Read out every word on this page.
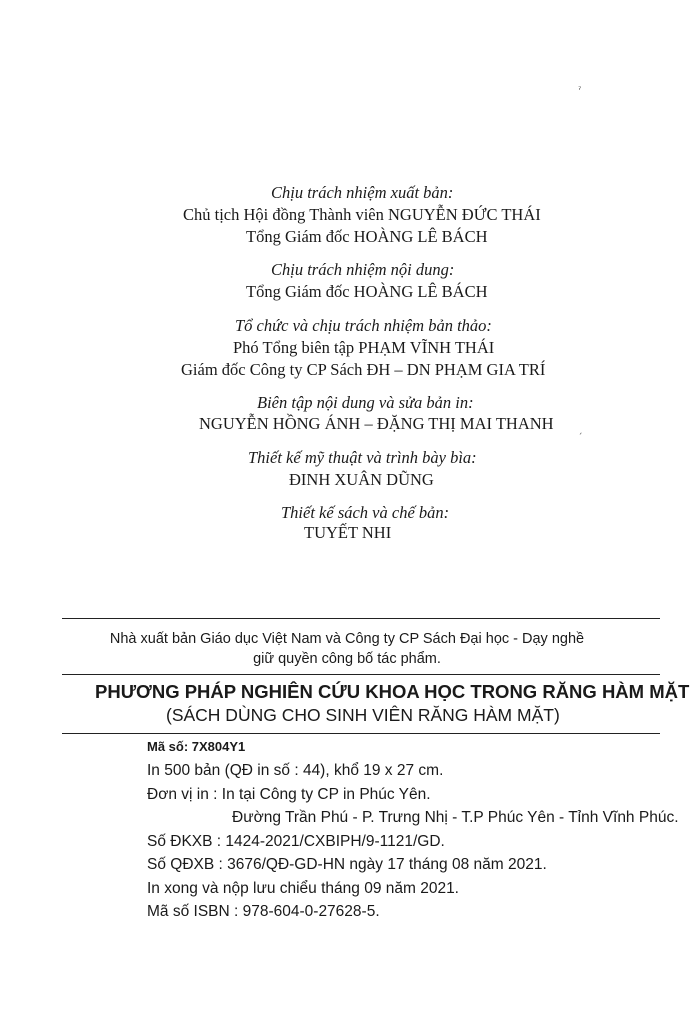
ˀ
ˊ
Chịu trách nhiệm xuất bản:
Chủ tịch Hội đồng Thành viên NGUYỄN ĐỨC THÁI
Tổng Giám đốc HOÀNG LÊ BÁCH
Chịu trách nhiệm nội dung:
Tổng Giám đốc HOÀNG LÊ BÁCH
Tổ chức và chịu trách nhiệm bản thảo:
Phó Tổng biên tập PHẠM VĨNH THÁI
Giám đốc Công ty CP Sách ĐH – DN PHẠM GIA TRÍ
Biên tập nội dung và sửa bản in:
NGUYỄN HỒNG ÁNH – ĐẶNG THỊ MAI THANH
Thiết kế mỹ thuật và trình bày bìa:
ĐINH XUÂN DŨNG
Thiết kế sách và chế bản:
TUYẾT NHI
Nhà xuất bản Giáo dục Việt Nam và Công ty CP Sách Đại học - Dạy nghề
giữ quyền công bố tác phẩm.
PHƯƠNG PHÁP NGHIÊN CỨU KHOA HỌC TRONG RĂNG HÀM MẶT
(SÁCH DÙNG CHO SINH VIÊN RĂNG HÀM MẶT)
Mã số: 7X804Y1
In 500 bản (QĐ in số : 44), khổ 19 x 27 cm.
Đơn vị in : In tại Công ty CP in Phúc Yên.
Đường Trần Phú - P. Trưng Nhị - T.P Phúc Yên - Tỉnh Vĩnh Phúc.
Số ĐKXB : 1424-2021/CXBIPH/9-1121/GD.
Số QĐXB : 3676/QĐ-GD-HN ngày 17 tháng 08 năm 2021.
In xong và nộp lưu chiểu tháng 09 năm 2021.
Mã số ISBN : 978-604-0-27628-5.
